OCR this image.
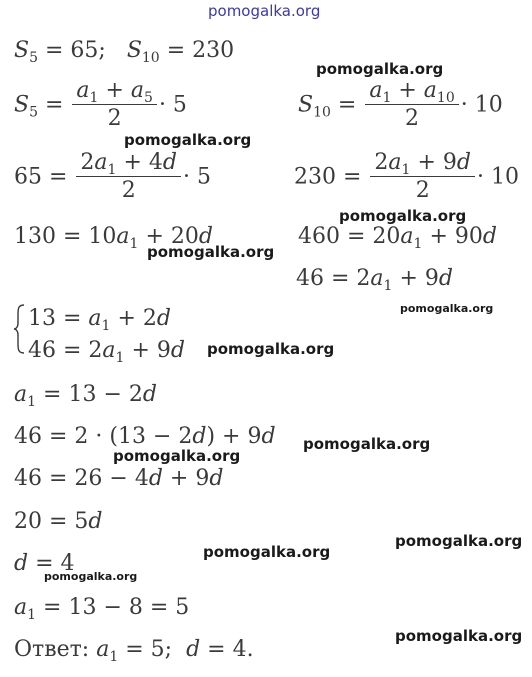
pomogalka.org
pomogalka.org
pomogalka.org
pomogalka.org
pomogalka.org
pomogalka.org
pomogalka.org
pomogalka.org
pomogalka.org
pomogalka.org
pomogalka.org
pomogalka.org
pomogalka.org
$S_5 = 65$;   $S_{10} = 230$
$S_5 = \frac{a_1 + a_5}{2} \cdot 5$	$S_{10} = \frac{a_1 + a_{10}}{2} \cdot 10$
$65 = \frac{2a_1 + 4d}{2} \cdot 5$	$230 = \frac{2a_1 + 9d}{2} \cdot 10$
$130 = 10a_1 + 20d$	$460 = 20a_1 + 90d$
$46 = 2a_1 + 9d$
$13 = a_1 + 2d$
$46 = 2a_1 + 9d$
$a_1 = 13 - 2d$
46 = 2 · (13 − 2d) + 9d
46 = 26 − 4d + 9d
20 = 5d
d = 4
$a_1 = 13 - 8 = 5$
Ответ: $a_1 = 5$;  d = 4.
